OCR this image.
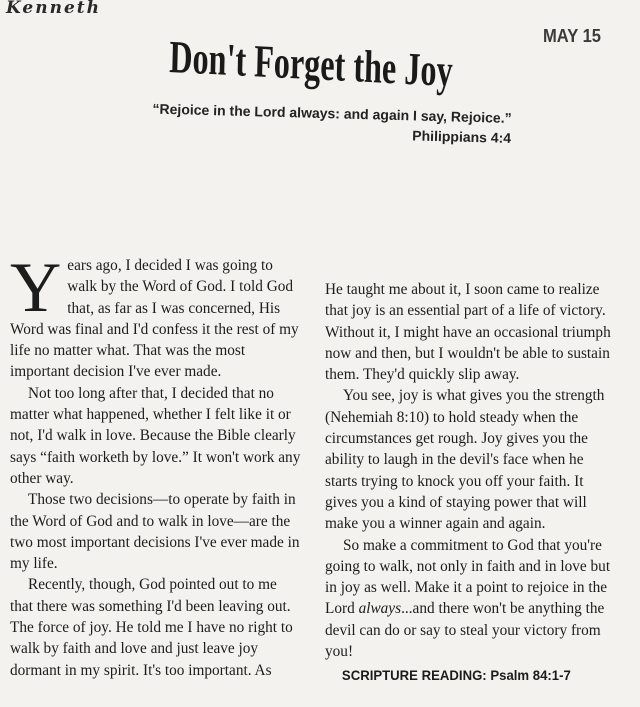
Kenneth
MAY 15
Don't Forget the Joy
“Rejoice in the Lord always: and again I say, Rejoice.”
Philippians 4:4

Years ago, I decided I was going to walk by the Word of God. I told God that, as far as I was concerned, His Word was final and I'd confess it the rest of my life no matter what. That was the most important decision I've ever made.

Not too long after that, I decided that no matter what happened, whether I felt like it or not, I'd walk in love. Because the Bible clearly says “faith worketh by love.” It won't work any other way.

Those two decisions—to operate by faith in the Word of God and to walk in love—are the two most important decisions I've ever made in my life.

Recently, though, God pointed out to me that there was something I'd been leaving out. The force of joy. He told me I have no right to walk by faith and love and just leave joy dormant in my spirit. It's too important. As

He taught me about it, I soon came to realize that joy is an essential part of a life of victory. Without it, I might have an occasional triumph now and then, but I wouldn't be able to sustain them. They'd quickly slip away.

You see, joy is what gives you the strength (Nehemiah 8:10) to hold steady when the circumstances get rough. Joy gives you the ability to laugh in the devil's face when he starts trying to knock you off your faith. It gives you a kind of staying power that will make you a winner again and again.

So make a commitment to God that you're going to walk, not only in faith and in love but in joy as well. Make it a point to rejoice in the Lord always...and there won't be anything the devil can do or say to steal your victory from you!

SCRIPTURE READING: Psalm 84:1-7
